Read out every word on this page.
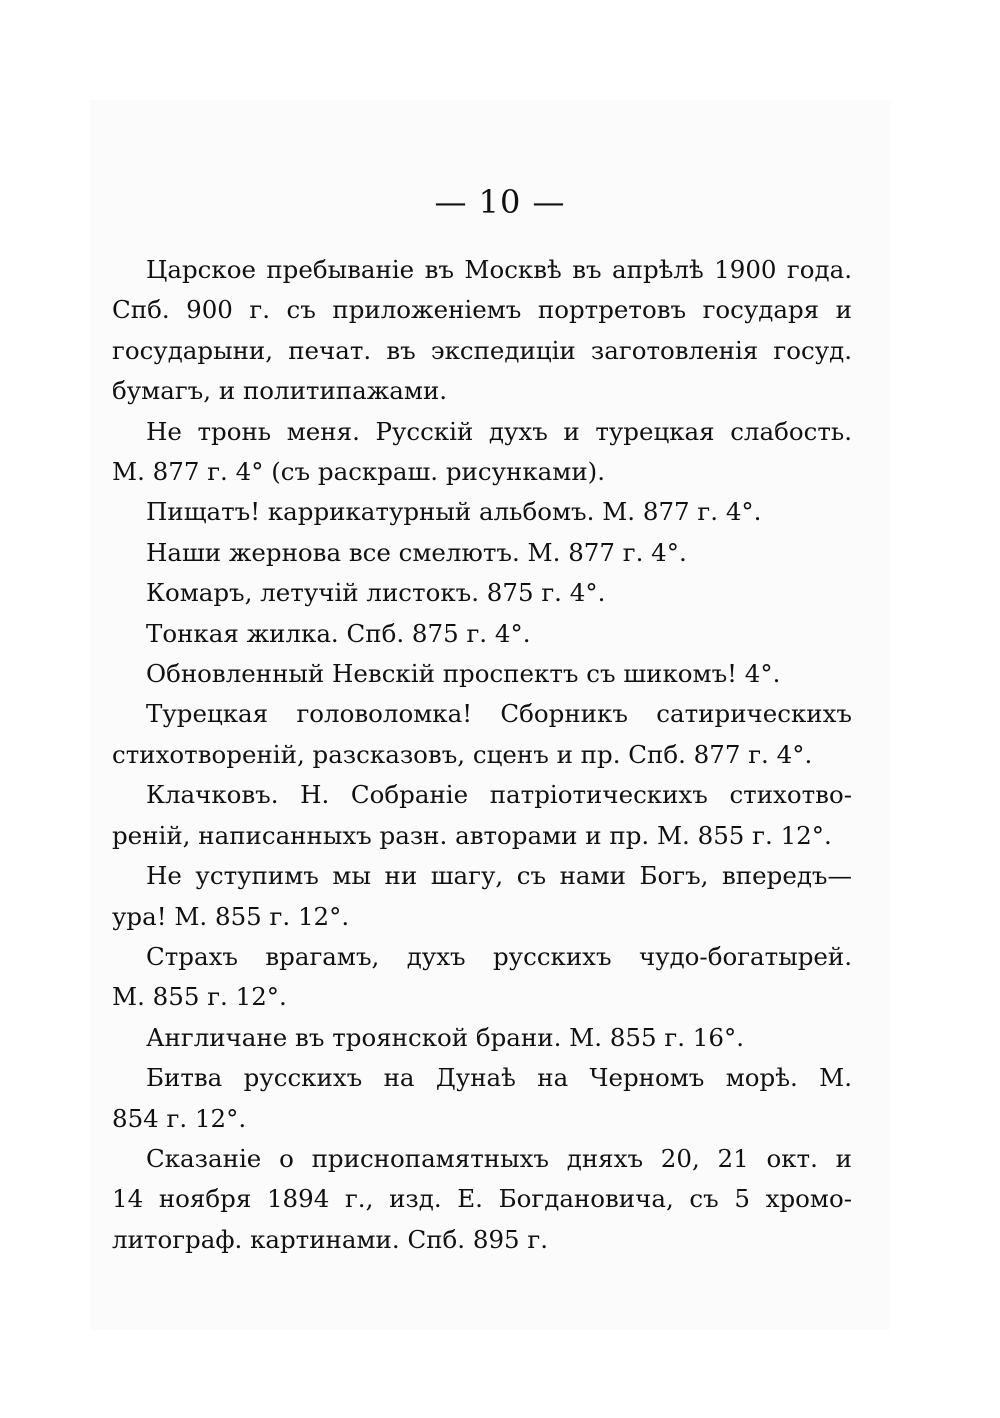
— 10 —

Царское пребываніе въ Москвѣ въ апрѣлѣ 1900 года.
Спб. 900 г. съ приложеніемъ портретовъ государя и
государыни, печат. въ экспедиціи заготовленія госуд.
бумагъ, и политипажами.

Не тронь меня. Русскій духъ и турецкая слабость.
М. 877 г. 4° (съ раскраш. рисунками).

Пищатъ! каррикатурный альбомъ. М. 877 г. 4°.

Наши жернова все смелютъ. М. 877 г. 4°.

Комаръ, летучій листокъ. 875 г. 4°.

Тонкая жилка. Спб. 875 г. 4°.

Обновленный Невскій проспектъ съ шикомъ! 4°.

Турецкая головоломка! Сборникъ сатирическихъ
стихотвореній, разсказовъ, сценъ и пр. Спб. 877 г. 4°.

Клачковъ. Н. Собраніе патріотическихъ стихотво-
реній, написанныхъ разн. авторами и пр. М. 855 г. 12°.

Не уступимъ мы ни шагу, съ нами Богъ, впередъ—
ура! М. 855 г. 12°.

Страхъ врагамъ, духъ русскихъ чудо-богатырей.
М. 855 г. 12°.

Англичане въ троянской брани. М. 855 г. 16°.

Битва русскихъ на Дунаѣ на Черномъ морѣ. М.
854 г. 12°.

Сказаніе о приснопамятныхъ дняхъ 20, 21 окт. и
14 ноября 1894 г., изд. Е. Богдановича, съ 5 хромо-
литограф. картинами. Спб. 895 г.
